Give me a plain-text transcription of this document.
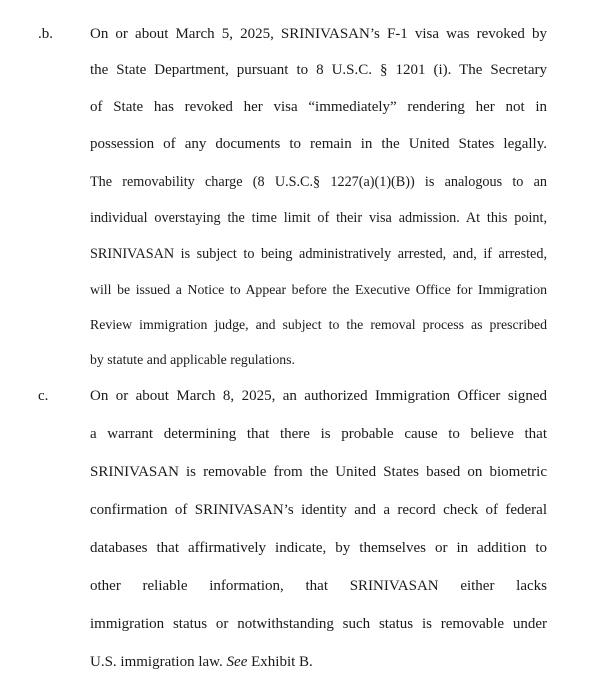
.b. On or about March 5, 2025, SRINIVASAN’s F-1 visa was revoked by
the State Department, pursuant to 8 U.S.C. § 1201 (i). The Secretary
of State has revoked her visa “immediately” rendering her not in
possession of any documents to remain in the United States legally.
The removability charge (8 U.S.C.§ 1227(a)(1)(B)) is analogous to an
individual overstaying the time limit of their visa admission. At this point,
SRINIVASAN is subject to being administratively arrested, and, if arrested,
will be issued a Notice to Appear before the Executive Office for Immigration
Review immigration judge, and subject to the removal process as prescribed
by statute and applicable regulations.
c.	On or about March 8, 2025, an authorized Immigration Officer signed
a warrant determining that there is probable cause to believe that
SRINIVASAN is removable from the United States based on biometric
confirmation of SRINIVASAN’s identity and a record check of federal
databases that affirmatively indicate, by themselves or in addition to
other reliable information, that SRINIVASAN either lacks
immigration status or notwithstanding such status is removable under
U.S. immigration law. See Exhibit B.
